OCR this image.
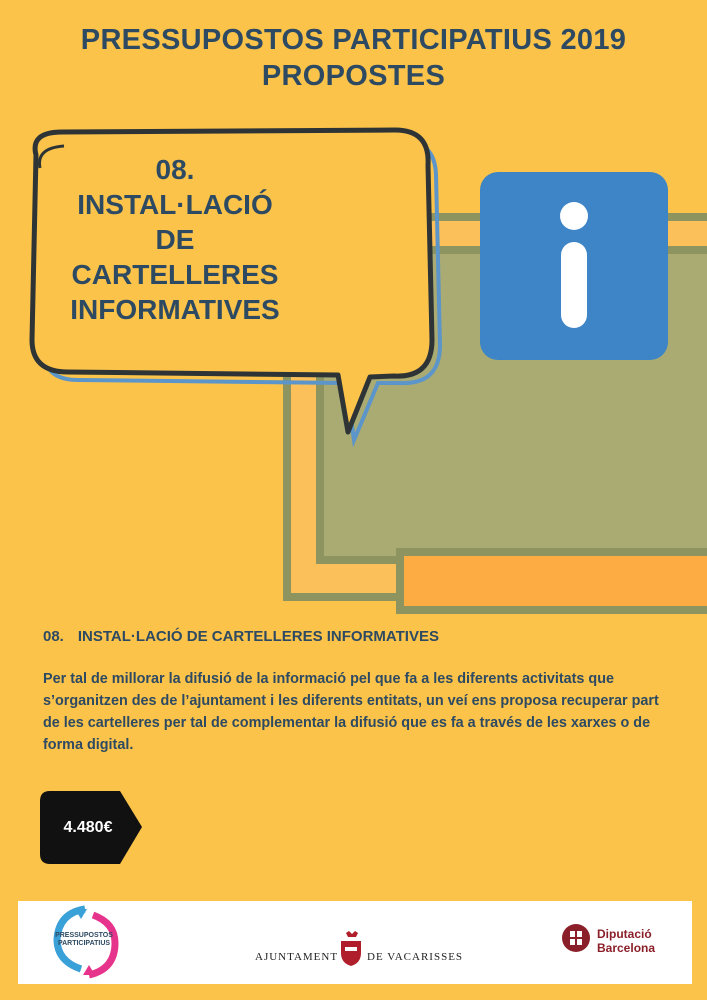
PRESSUPOSTOS PARTICIPATIUS 2019
PROPOSTES
08.
INSTAL·LACIÓ
DE
CARTELLERES
INFORMATIVES
08. INSTAL·LACIÓ DE CARTELLERES INFORMATIVES
Per tal de millorar la difusió de la informació pel que fa a les diferents activitats que s’organitzen des de l’ajuntament i les diferents entitats, un veí ens proposa recuperar part de les cartelleres per tal de complementar la difusió que es fa a través de les xarxes o de forma digital.
4.480€
PRESSUPOSTOS
PARTICIPATIUS
AJUNTAMENT	DE VACARISSES
Diputació
Barcelona
